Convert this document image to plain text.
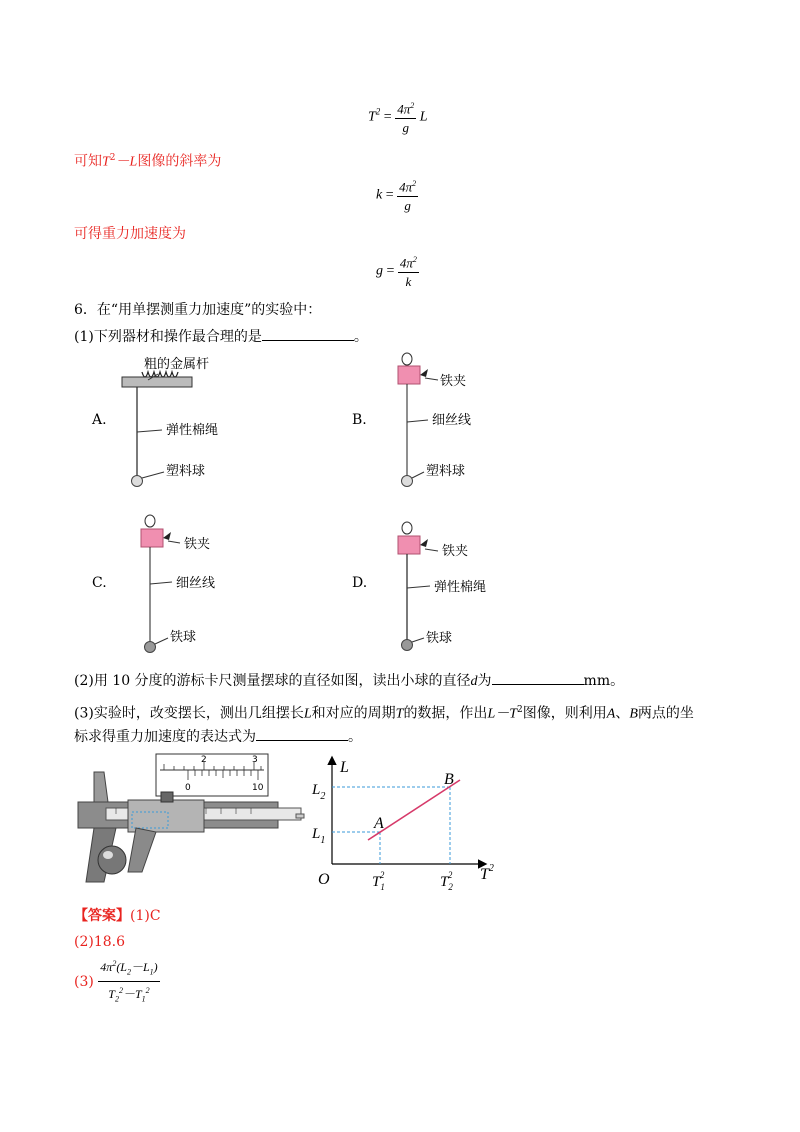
$T^2 = \frac{4\pi^2}{g}$ L
可知$T^2-L$图像的斜率为
$k = \frac{4\pi^2}{g}$
可得重力加速度为
$g = \frac{4\pi^2}{k}$
6．在“用单摆测重力加速度”的实验中：
(1)下列器材和操作最合理的是	。
A.
粗的金属杆
弹性棉绳
塑料球
B.
铁夹
细丝线
塑料球
C.
铁夹
细丝线
铁球
D.
铁夹
弹性棉绳
铁球
(2)用 10 分度的游标卡尺测量摆球的直径如图，读出小球的直径d为	mm。
(3)实验时，改变摆长，测出几组摆长L和对应的周期T的数据，作出$L-T^2$图像，则利用A、B两点的坐
标求得重力加速度的表达式为	。
2	3
0	10
L
$T^2$
O
A
B
$L_2$
$L_1$
$T_12$	$T_22$
【答案】(1)C
(2)18.6
$(3) \frac{4\pi^2(L_2-L_1)}{T_2^2-T_1^2}$
